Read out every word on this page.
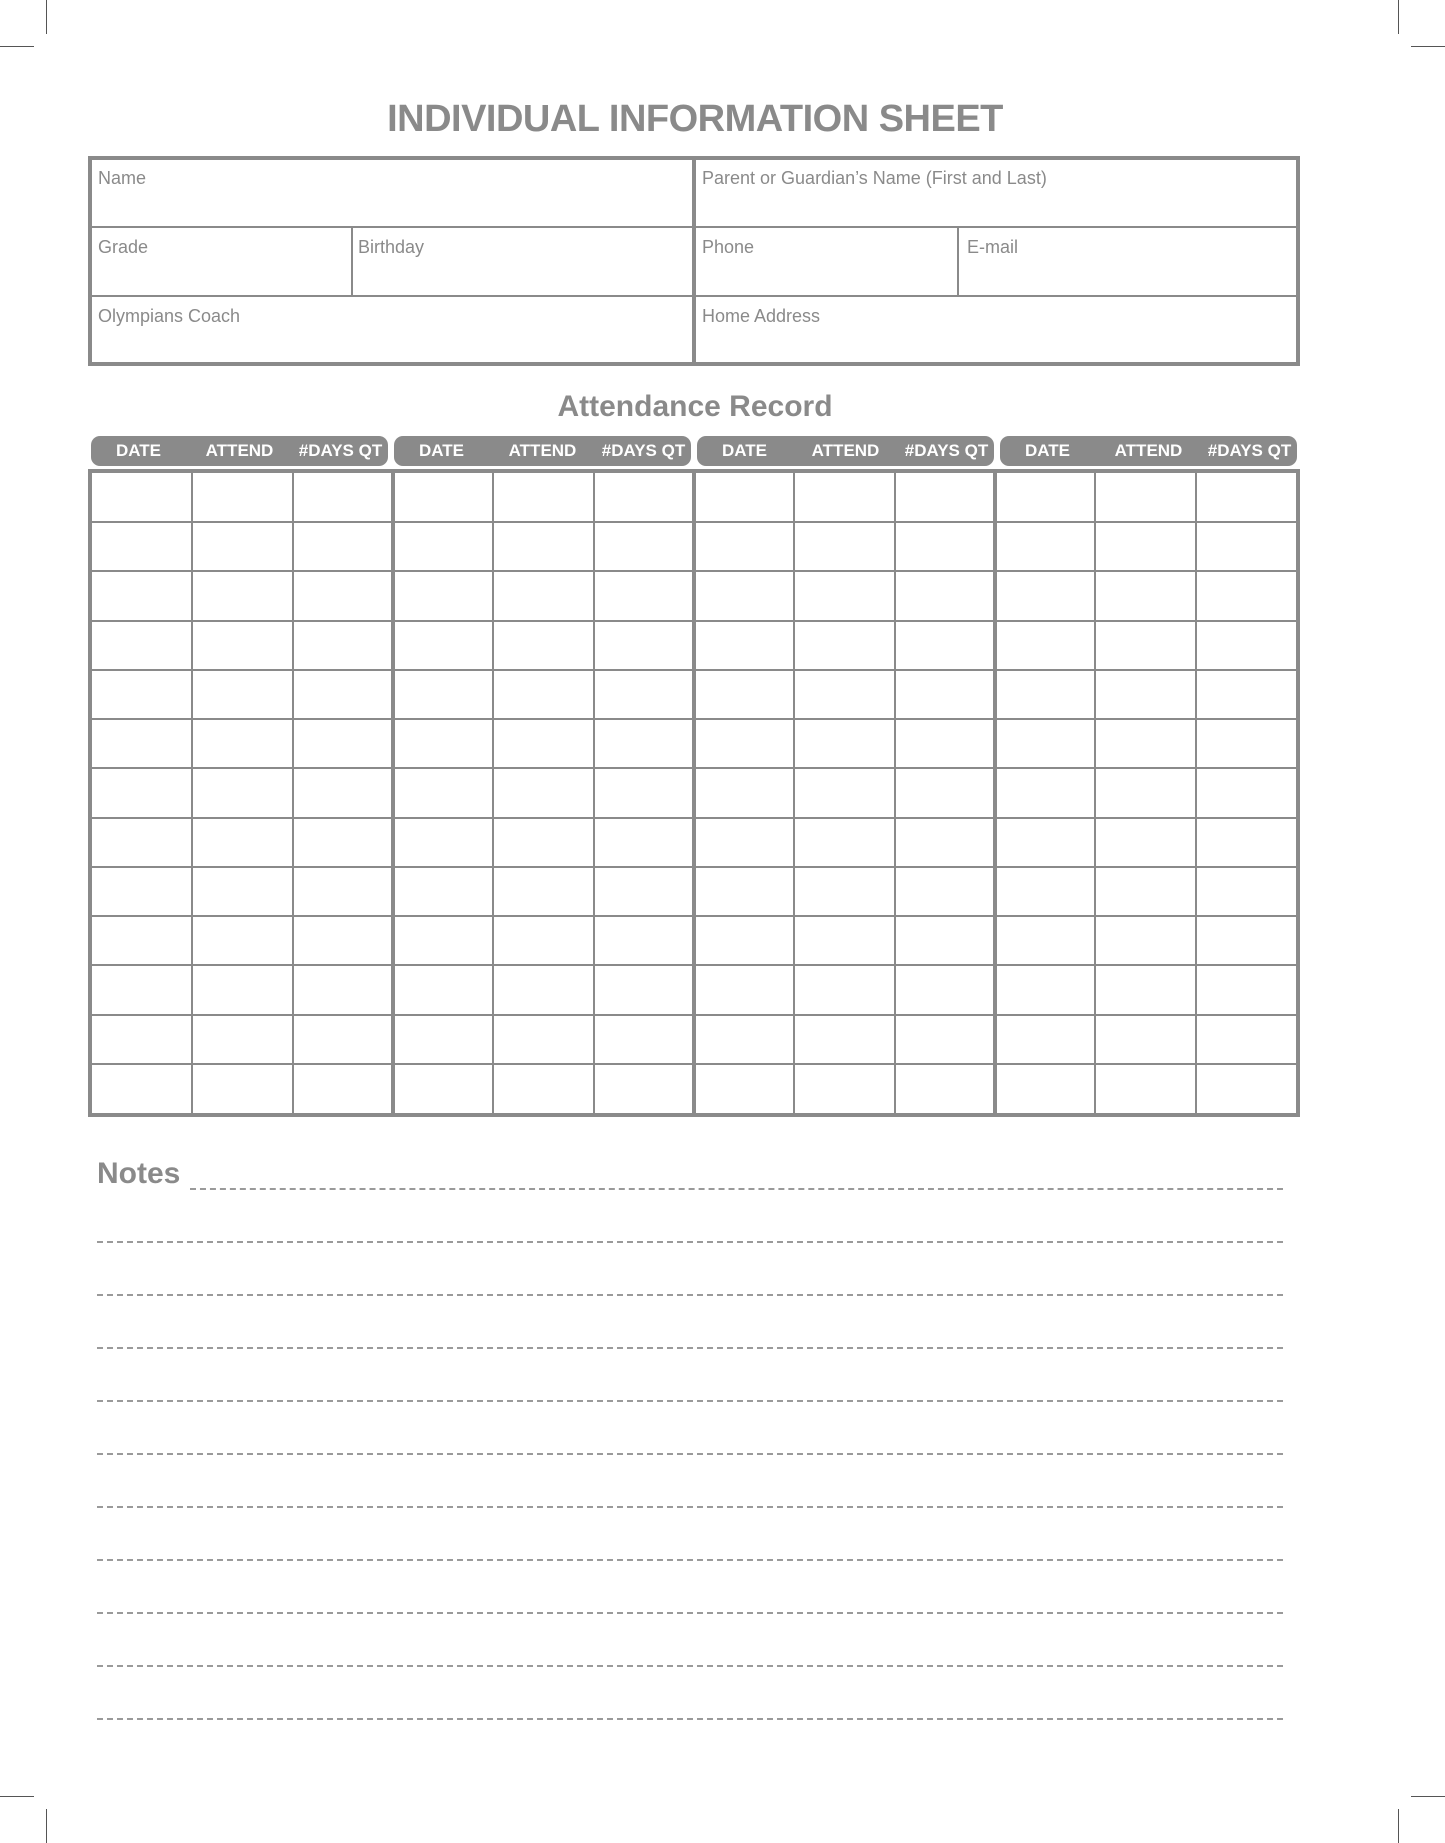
INDIVIDUAL INFORMATION SHEET
Name	Parent or Guardian’s Name (First and Last)
Grade	Birthday	Phone	E-mail
Olympians Coach	Home Address
Attendance Record
DATE	ATTEND	#DAYS QT	DATE	ATTEND	#DAYS QT	DATE	ATTEND	#DAYS QT	DATE	ATTEND	#DAYS QT
Notes
